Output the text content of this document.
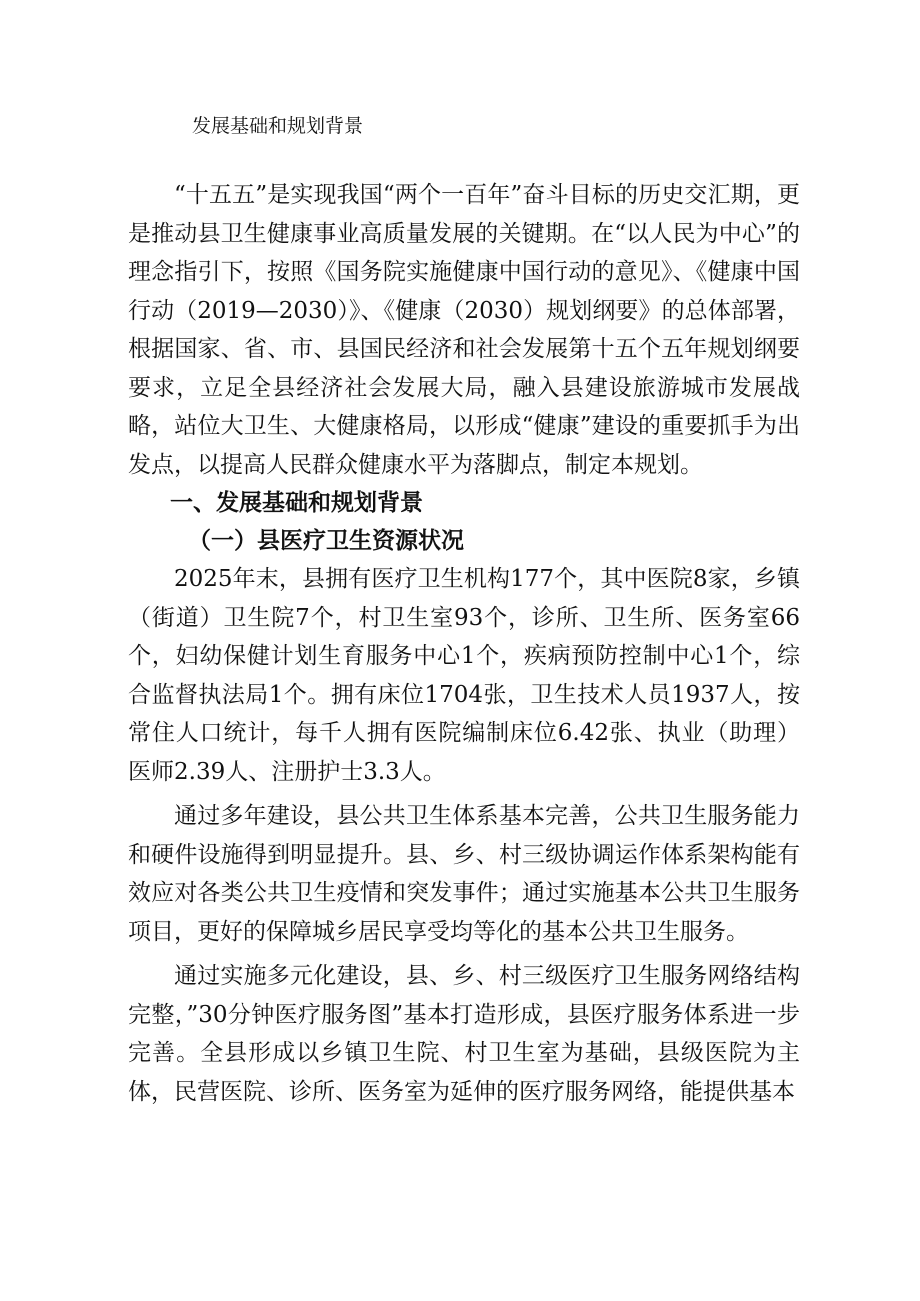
发展基础和规划背景

“十五五”是实现我国“两个一百年”奋斗目标的历史交汇期，更是推动县卫生健康事业高质量发展的关键期。在“以人民为中心”的理念指引下，按照《国务院实施健康中国行动的意见》、《健康中国行动（2019—2030）》、《健康（2030）规划纲要》的总体部署，根据国家、省、市、县国民经济和社会发展第十五个五年规划纲要要求，立足全县经济社会发展大局，融入县建设旅游城市发展战略，站位大卫生、大健康格局，以形成“健康”建设的重要抓手为出发点，以提高人民群众健康水平为落脚点，制定本规划。

一、发展基础和规划背景
（一）县医疗卫生资源状况

2025年末，县拥有医疗卫生机构177个，其中医院8家，乡镇（街道）卫生院7个，村卫生室93个，诊所、卫生所、医务室66个，妇幼保健计划生育服务中心1个，疾病预防控制中心1个，综合监督执法局1个。拥有床位1704张，卫生技术人员1937人，按常住人口统计，每千人拥有医院编制床位6.42张、执业（助理）医师2.39人、注册护士3.3人。

通过多年建设，县公共卫生体系基本完善，公共卫生服务能力和硬件设施得到明显提升。县、乡、村三级协调运作体系架构能有效应对各类公共卫生疫情和突发事件；通过实施基本公共卫生服务项目，更好的保障城乡居民享受均等化的基本公共卫生服务。

通过实施多元化建设，县、乡、村三级医疗卫生服务网络结构完整，”30分钟医疗服务图”基本打造形成，县医疗服务体系进一步完善。全县形成以乡镇卫生院、村卫生室为基础，县级医院为主体，民营医院、诊所、医务室为延伸的医疗服务网络，能提供基本
